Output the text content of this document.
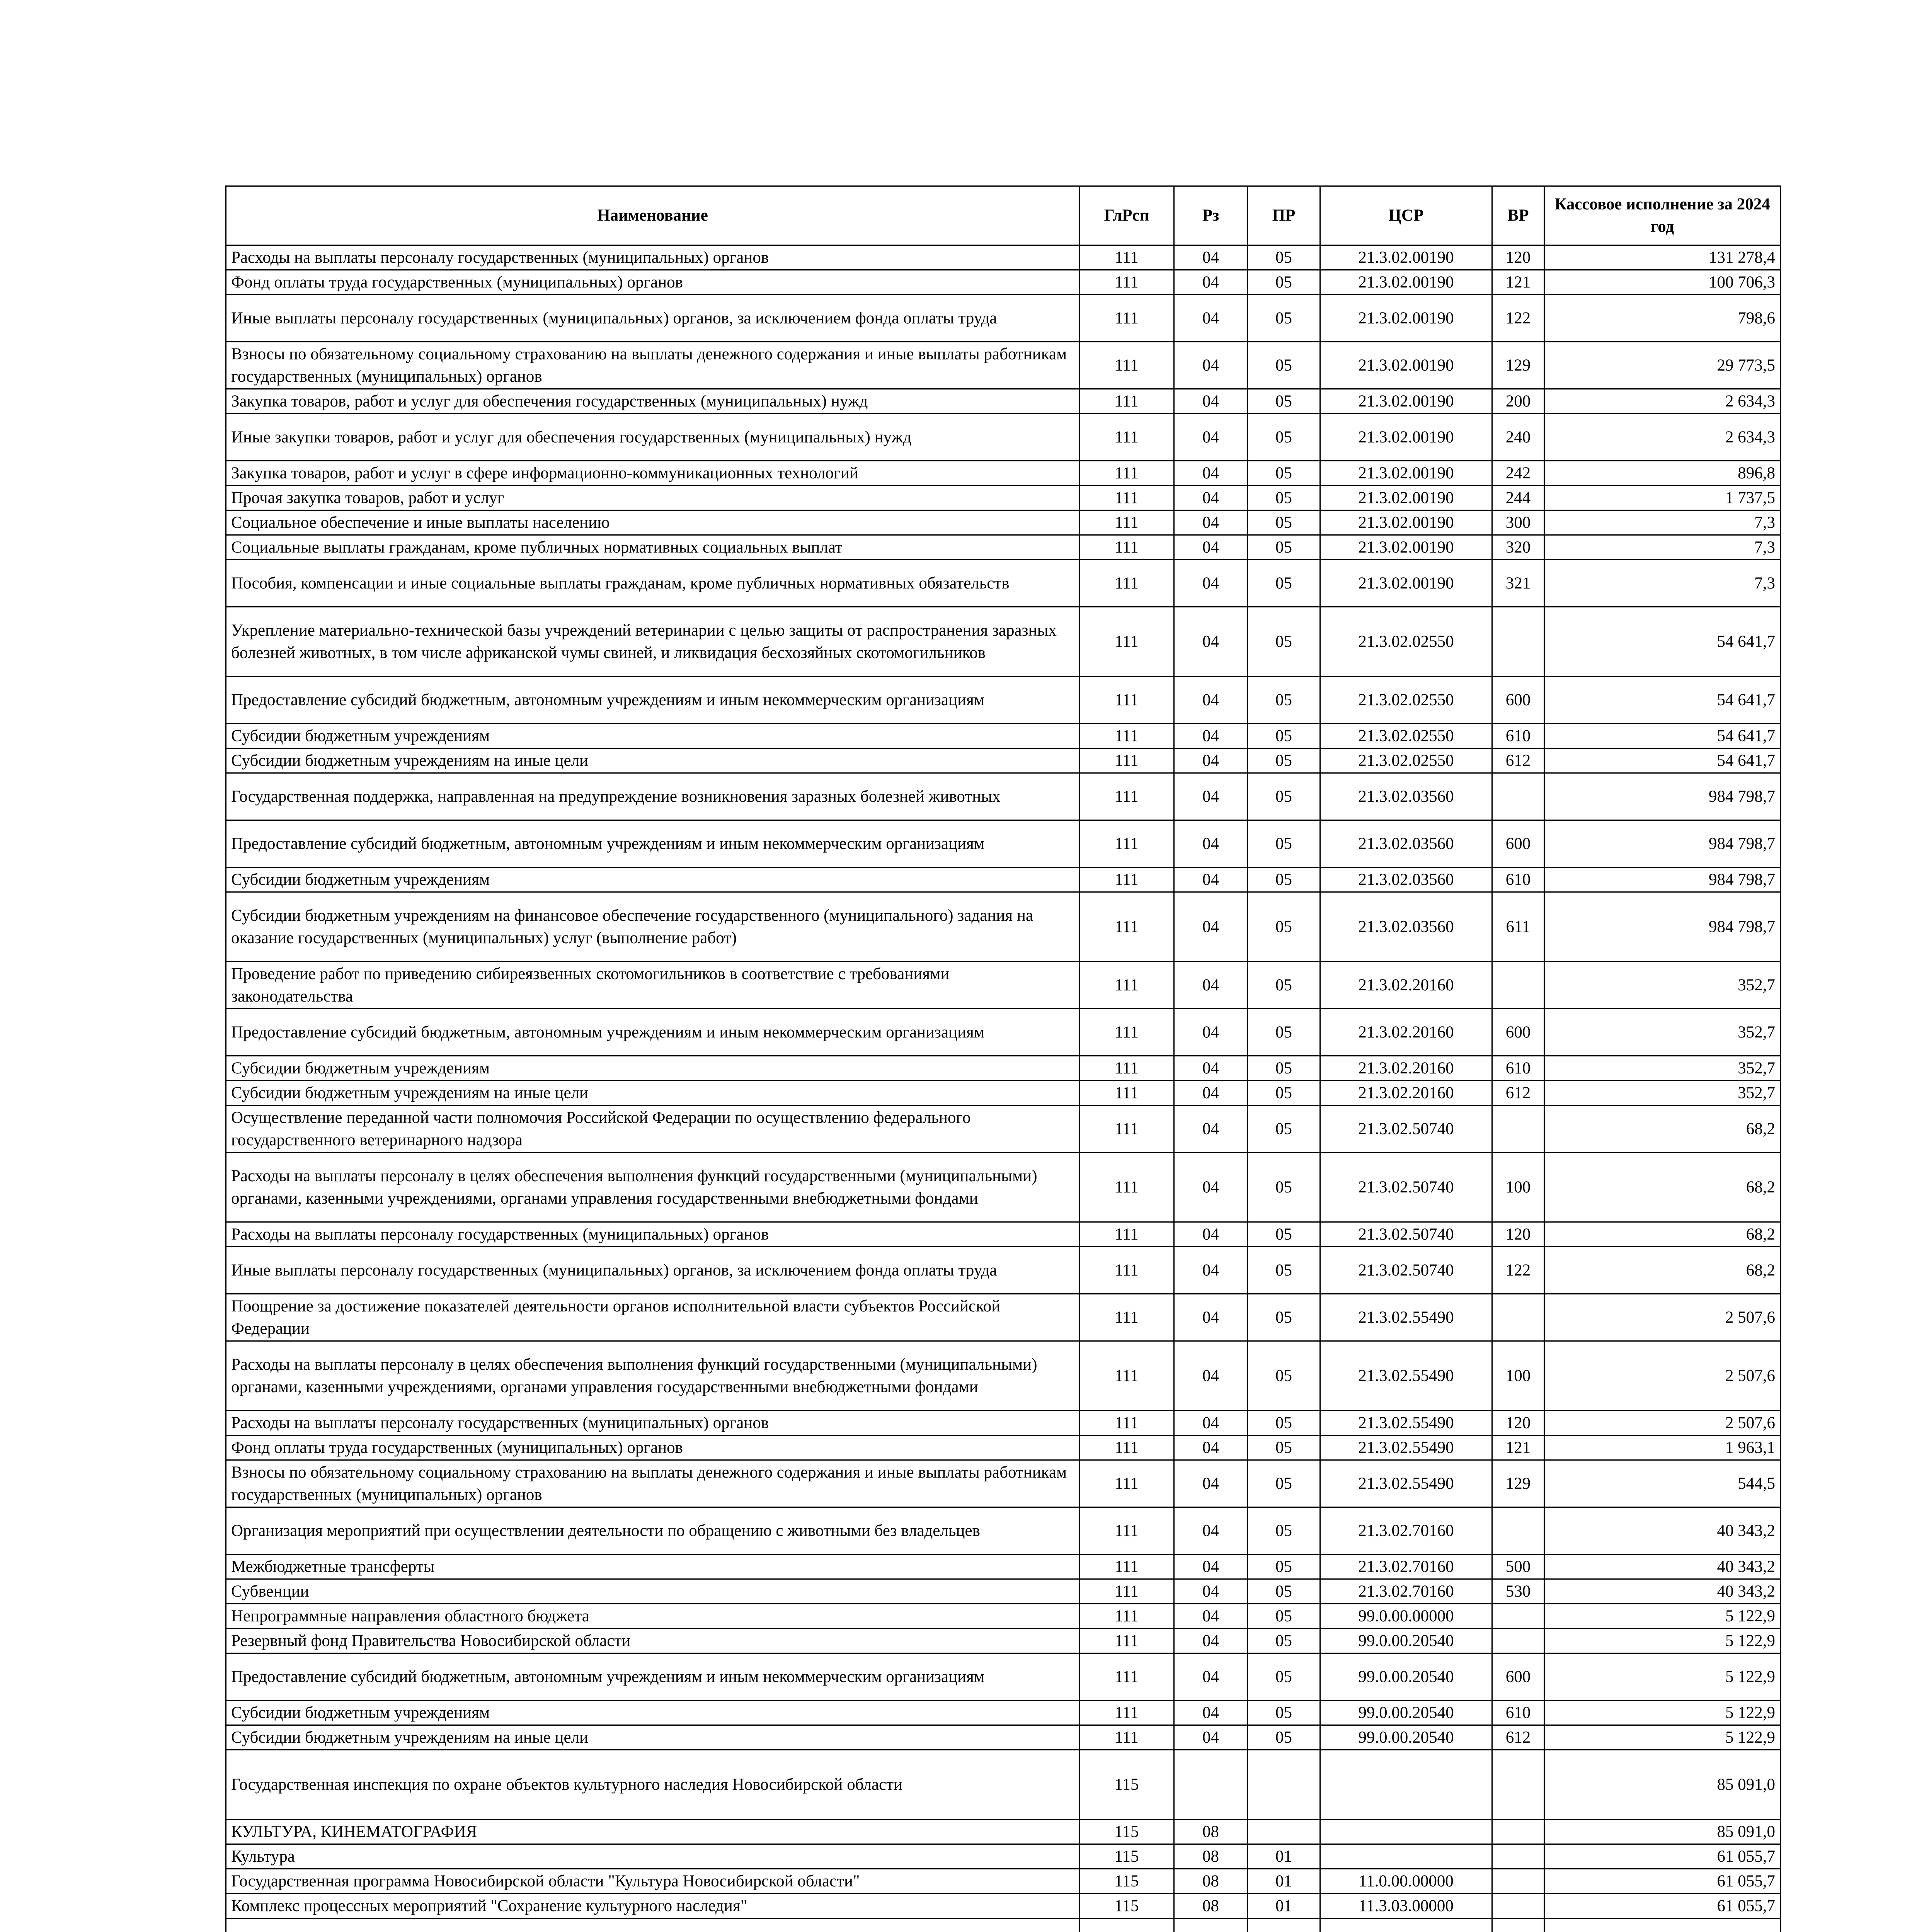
Наименование	ГлРсп	Рз	ПР	ЦСР	ВР	Кассовое исполнение за 2024 год
Расходы на выплаты персоналу государственных (муниципальных) органов	111	04	05	21.3.02.00190	120	131 278,4
Фонд оплаты труда государственных (муниципальных) органов	111	04	05	21.3.02.00190	121	100 706,3
Иные выплаты персоналу государственных (муниципальных) органов, за исключением фонда оплаты труда	111	04	05	21.3.02.00190	122	798,6
Взносы по обязательному социальному страхованию на выплаты денежного содержания и иные выплаты работникам государственных (муниципальных) органов	111	04	05	21.3.02.00190	129	29 773,5
Закупка товаров, работ и услуг для обеспечения государственных (муниципальных) нужд	111	04	05	21.3.02.00190	200	2 634,3
Иные закупки товаров, работ и услуг для обеспечения государственных (муниципальных) нужд	111	04	05	21.3.02.00190	240	2 634,3
Закупка товаров, работ и услуг в сфере информационно-коммуникационных технологий	111	04	05	21.3.02.00190	242	896,8
Прочая закупка товаров, работ и услуг	111	04	05	21.3.02.00190	244	1 737,5
Социальное обеспечение и иные выплаты населению	111	04	05	21.3.02.00190	300	7,3
Социальные выплаты гражданам, кроме публичных нормативных социальных выплат	111	04	05	21.3.02.00190	320	7,3
Пособия, компенсации и иные социальные выплаты гражданам, кроме публичных нормативных обязательств	111	04	05	21.3.02.00190	321	7,3
Укрепление материально-технической базы учреждений ветеринарии с целью защиты от распространения заразных болезней животных, в том числе африканской чумы свиней, и ликвидация бесхозяйных скотомогильников	111	04	05	21.3.02.02550		54 641,7
Предоставление субсидий бюджетным, автономным учреждениям и иным некоммерческим организациям	111	04	05	21.3.02.02550	600	54 641,7
Субсидии бюджетным учреждениям	111	04	05	21.3.02.02550	610	54 641,7
Субсидии бюджетным учреждениям на иные цели	111	04	05	21.3.02.02550	612	54 641,7
Государственная поддержка, направленная на предупреждение возникновения заразных болезней животных	111	04	05	21.3.02.03560		984 798,7
Предоставление субсидий бюджетным, автономным учреждениям и иным некоммерческим организациям	111	04	05	21.3.02.03560	600	984 798,7
Субсидии бюджетным учреждениям	111	04	05	21.3.02.03560	610	984 798,7
Субсидии бюджетным учреждениям на финансовое обеспечение государственного (муниципального) задания на оказание государственных (муниципальных) услуг (выполнение работ)	111	04	05	21.3.02.03560	611	984 798,7
Проведение работ по приведению сибиреязвенных скотомогильников в соответствие с требованиями законодательства	111	04	05	21.3.02.20160		352,7
Предоставление субсидий бюджетным, автономным учреждениям и иным некоммерческим организациям	111	04	05	21.3.02.20160	600	352,7
Субсидии бюджетным учреждениям	111	04	05	21.3.02.20160	610	352,7
Субсидии бюджетным учреждениям на иные цели	111	04	05	21.3.02.20160	612	352,7
Осуществление переданной части полномочия Российской Федерации по осуществлению федерального государственного ветеринарного надзора	111	04	05	21.3.02.50740		68,2
Расходы на выплаты персоналу в целях обеспечения выполнения функций государственными (муниципальными) органами, казенными учреждениями, органами управления государственными внебюджетными фондами	111	04	05	21.3.02.50740	100	68,2
Расходы на выплаты персоналу государственных (муниципальных) органов	111	04	05	21.3.02.50740	120	68,2
Иные выплаты персоналу государственных (муниципальных) органов, за исключением фонда оплаты труда	111	04	05	21.3.02.50740	122	68,2
Поощрение за достижение показателей деятельности органов исполнительной власти субъектов Российской Федерации	111	04	05	21.3.02.55490		2 507,6
Расходы на выплаты персоналу в целях обеспечения выполнения функций государственными (муниципальными) органами, казенными учреждениями, органами управления государственными внебюджетными фондами	111	04	05	21.3.02.55490	100	2 507,6
Расходы на выплаты персоналу государственных (муниципальных) органов	111	04	05	21.3.02.55490	120	2 507,6
Фонд оплаты труда государственных (муниципальных) органов	111	04	05	21.3.02.55490	121	1 963,1
Взносы по обязательному социальному страхованию на выплаты денежного содержания и иные выплаты работникам государственных (муниципальных) органов	111	04	05	21.3.02.55490	129	544,5
Организация мероприятий при осуществлении деятельности по обращению с животными без владельцев	111	04	05	21.3.02.70160		40 343,2
Межбюджетные трансферты	111	04	05	21.3.02.70160	500	40 343,2
Субвенции	111	04	05	21.3.02.70160	530	40 343,2
Непрограммные направления областного бюджета	111	04	05	99.0.00.00000		5 122,9
Резервный фонд Правительства Новосибирской области	111	04	05	99.0.00.20540		5 122,9
Предоставление субсидий бюджетным, автономным учреждениям и иным некоммерческим организациям	111	04	05	99.0.00.20540	600	5 122,9
Субсидии бюджетным учреждениям	111	04	05	99.0.00.20540	610	5 122,9
Субсидии бюджетным учреждениям на иные цели	111	04	05	99.0.00.20540	612	5 122,9
Государственная инспекция по охране объектов культурного наследия Новосибирской области	115					85 091,0
КУЛЬТУРА, КИНЕМАТОГРАФИЯ	115	08				85 091,0
Культура	115	08	01			61 055,7
Государственная программа Новосибирской области "Культура Новосибирской области"	115	08	01	11.0.00.00000		61 055,7
Комплекс процессных мероприятий "Сохранение культурного наследия"	115	08	01	11.3.03.00000		61 055,7
